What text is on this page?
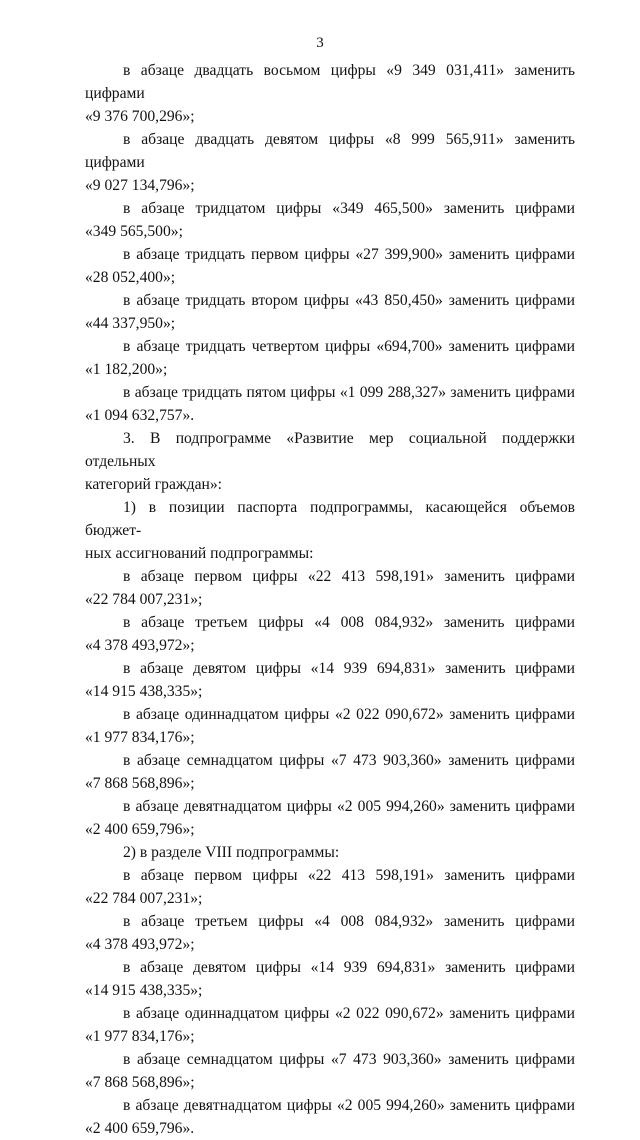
3
в абзаце двадцать восьмом цифры «9 349 031,411» заменить цифрами
«9 376 700,296»;
в абзаце двадцать девятом цифры «8 999 565,911» заменить цифрами
«9 027 134,796»;
в абзаце тридцатом цифры «349 465,500» заменить цифрами
«349 565,500»;
в абзаце тридцать первом цифры «27 399,900» заменить цифрами
«28 052,400»;
в абзаце тридцать втором цифры «43 850,450» заменить цифрами
«44 337,950»;
в абзаце тридцать четвертом цифры «694,700» заменить цифрами
«1 182,200»;
в абзаце тридцать пятом цифры «1 099 288,327» заменить цифрами
«1 094 632,757».
3. В подпрограмме «Развитие мер социальной поддержки отдельных
категорий граждан»:
1) в позиции паспорта подпрограммы, касающейся объемов бюджет-
ных ассигнований подпрограммы:
в абзаце первом цифры «22 413 598,191» заменить цифрами
«22 784 007,231»;
в абзаце третьем цифры «4 008 084,932» заменить цифрами
«4 378 493,972»;
в абзаце девятом цифры «14 939 694,831» заменить цифрами
«14 915 438,335»;
в абзаце одиннадцатом цифры «2 022 090,672» заменить цифрами
«1 977 834,176»;
в абзаце семнадцатом цифры «7 473 903,360» заменить цифрами
«7 868 568,896»;
в абзаце девятнадцатом цифры «2 005 994,260» заменить цифрами
«2 400 659,796»;
2) в разделе VIII подпрограммы:
в абзаце первом цифры «22 413 598,191» заменить цифрами
«22 784 007,231»;
в абзаце третьем цифры «4 008 084,932» заменить цифрами
«4 378 493,972»;
в абзаце девятом цифры «14 939 694,831» заменить цифрами
«14 915 438,335»;
в абзаце одиннадцатом цифры «2 022 090,672» заменить цифрами
«1 977 834,176»;
в абзаце семнадцатом цифры «7 473 903,360» заменить цифрами
«7 868 568,896»;
в абзаце девятнадцатом цифры «2 005 994,260» заменить цифрами
«2 400 659,796».
